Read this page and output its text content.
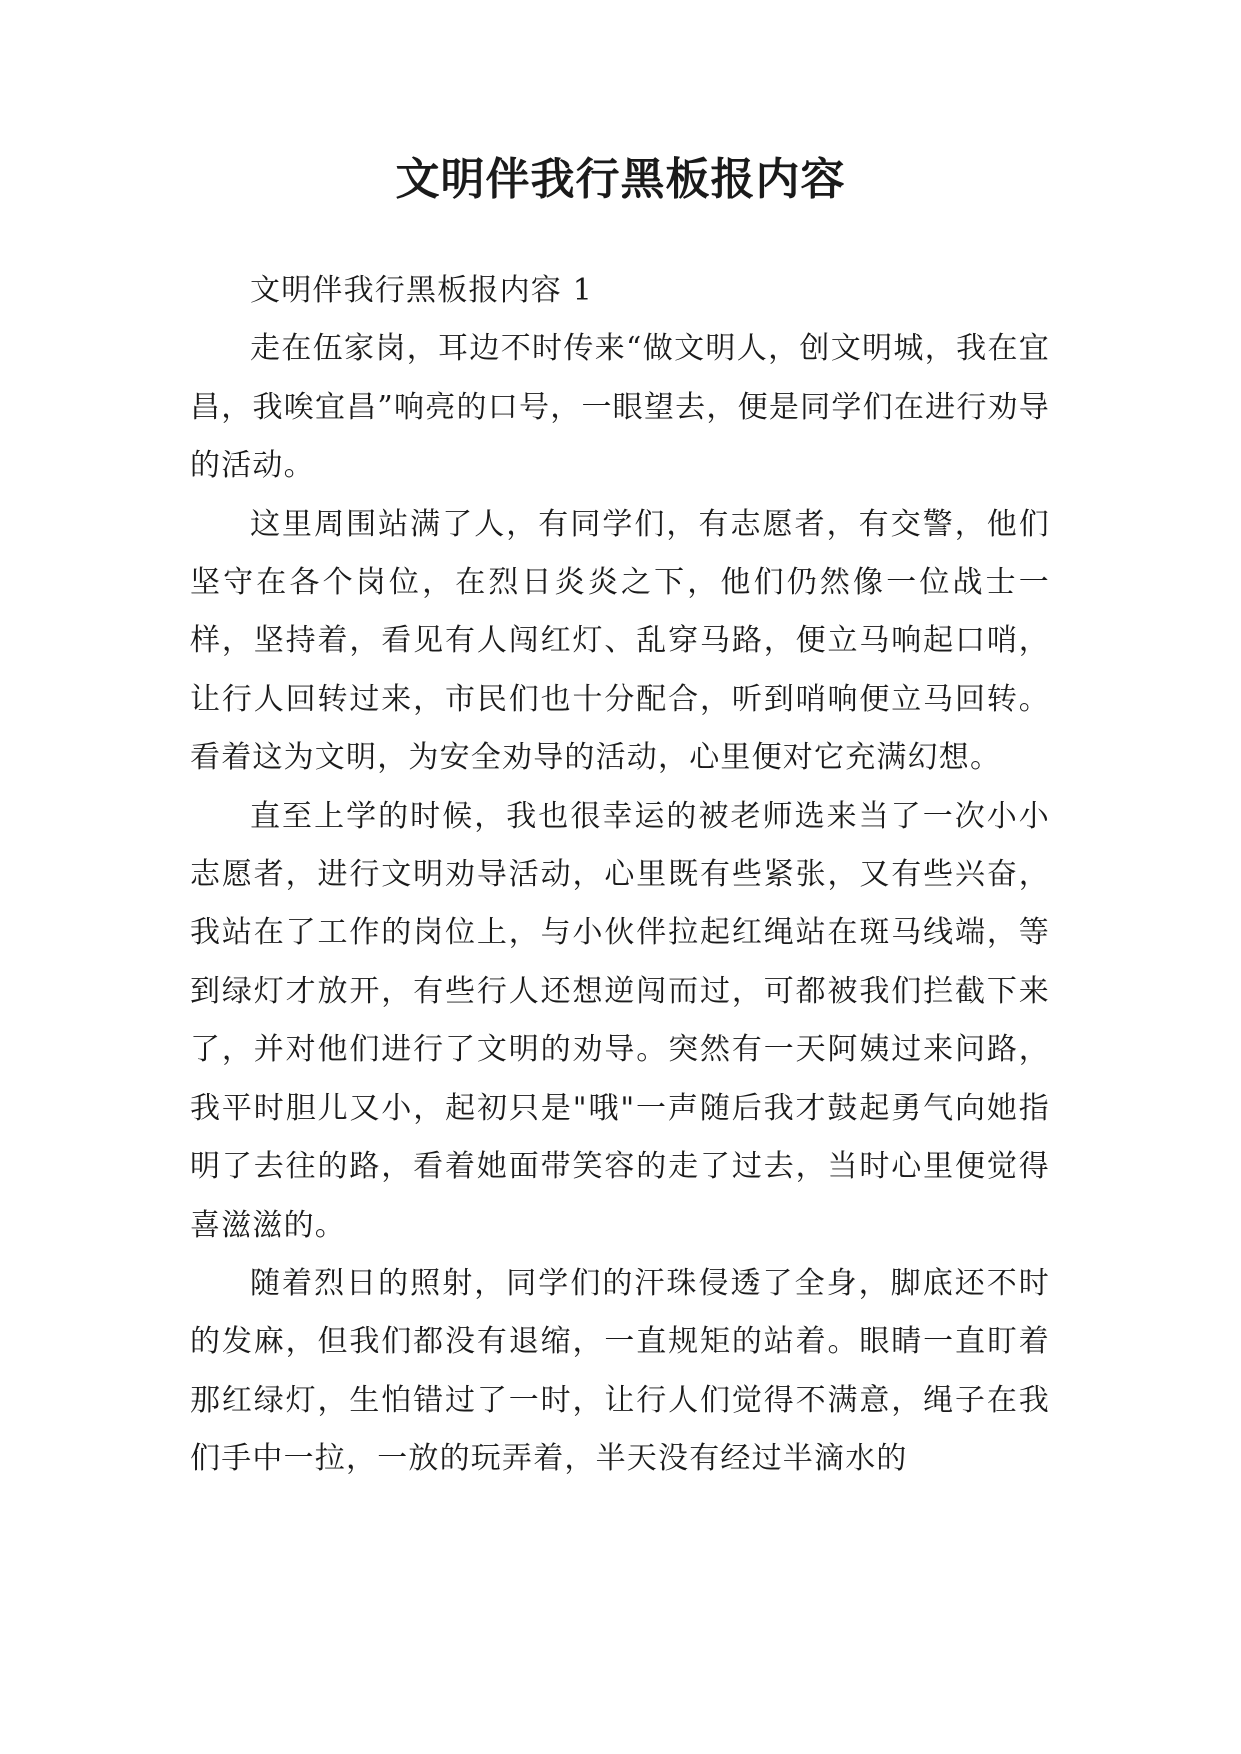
文明伴我行黑板报内容

文明伴我行黑板报内容 1

走在伍家岗，耳边不时传来“做文明人，创文明城，我在宜昌，我唉宜昌”响亮的口号，一眼望去，便是同学们在进行劝导的活动。

这里周围站满了人，有同学们，有志愿者，有交警，他们坚守在各个岗位，在烈日炎炎之下，他们仍然像一位战士一样，坚持着，看见有人闯红灯、乱穿马路，便立马响起口哨，让行人回转过来，市民们也十分配合，听到哨响便立马回转。看着这为文明，为安全劝导的活动，心里便对它充满幻想。

直至上学的时候，我也很幸运的被老师选来当了一次小小志愿者，进行文明劝导活动，心里既有些紧张，又有些兴奋，我站在了工作的岗位上，与小伙伴拉起红绳站在斑马线端，等到绿灯才放开，有些行人还想逆闯而过，可都被我们拦截下来了，并对他们进行了文明的劝导。突然有一天阿姨过来问路，我平时胆儿又小，起初只是"哦"一声随后我才鼓起勇气向她指明了去往的路，看着她面带笑容的走了过去，当时心里便觉得喜滋滋的。

随着烈日的照射，同学们的汗珠侵透了全身，脚底还不时的发麻，但我们都没有退缩，一直规矩的站着。眼睛一直盯着那红绿灯，生怕错过了一时，让行人们觉得不满意，绳子在我们手中一拉，一放的玩弄着，半天没有经过半滴水的
